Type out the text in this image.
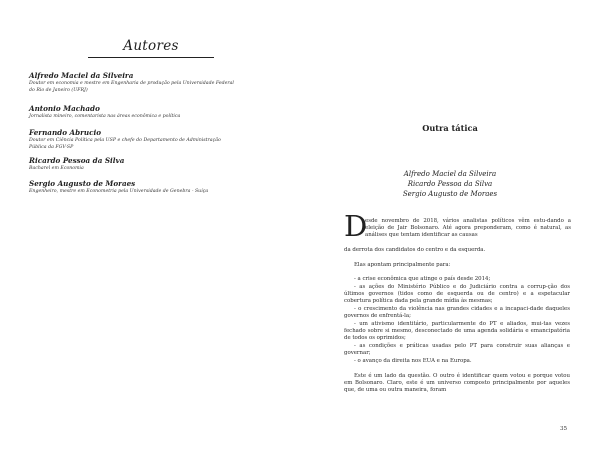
Autores
Alfredo Maciel da Silveira
Doutor em economia e mestre em Engenharia de produção pela Universidade Federal
do Rio de Janeiro (UFRJ)
Antonio Machado
Jornalista mineiro, comentarista nas áreas econômica e política
Fernando Abrucio
Doutor em Ciência Política pela USP e chefe do Departamento de Administração
Pública da FGV-SP
Ricardo Pessoa da Silva
Bacharel em Economia
Sergio Augusto de Moraes
Engenheiro, mestre em Econometria pela Universidade de Genebra - Suíça
Outra tática
Alfredo Maciel da Silveira
Ricardo Pessoa da Silva
Sergio Augusto de Moraes
D
esde novembro de 2018, vários analistas políticos vêm estu-dando a eleição de Jair Bolsonaro. Até agora preponderam, como é natural, as análises que tentam identificar as causas
da derrota dos candidatos do centro e da esquerda.
Elas apontam principalmente para:
- a crise econômica que atinge o país desde 2014;
- as ações do Ministério Público e do Judiciário contra a corrup-ção dos últimos governos (tidos como de esquerda ou de centro) e a espetacular cobertura política dada pela grande mídia às mesmas;
- o crescimento da violência nas grandes cidades e a incapaci-dade daqueles governos de enfrentá-la;
- um ativismo identitário, particularmente do PT e aliados, mui-tas vezes fechado sobre si mesmo, desconectado de uma agenda solidária e emancipatória de todos os oprimidos;
- as condições e práticas usadas pelo PT para construir suas alianças e governar;
- o avanço da direita nos EUA e na Europa.
Este é um lado da questão. O outro é identificar quem votou e porque votou em Bolsonaro. Claro, este é um universo composto principalmente por aqueles que, de uma ou outra maneira, foram
35
